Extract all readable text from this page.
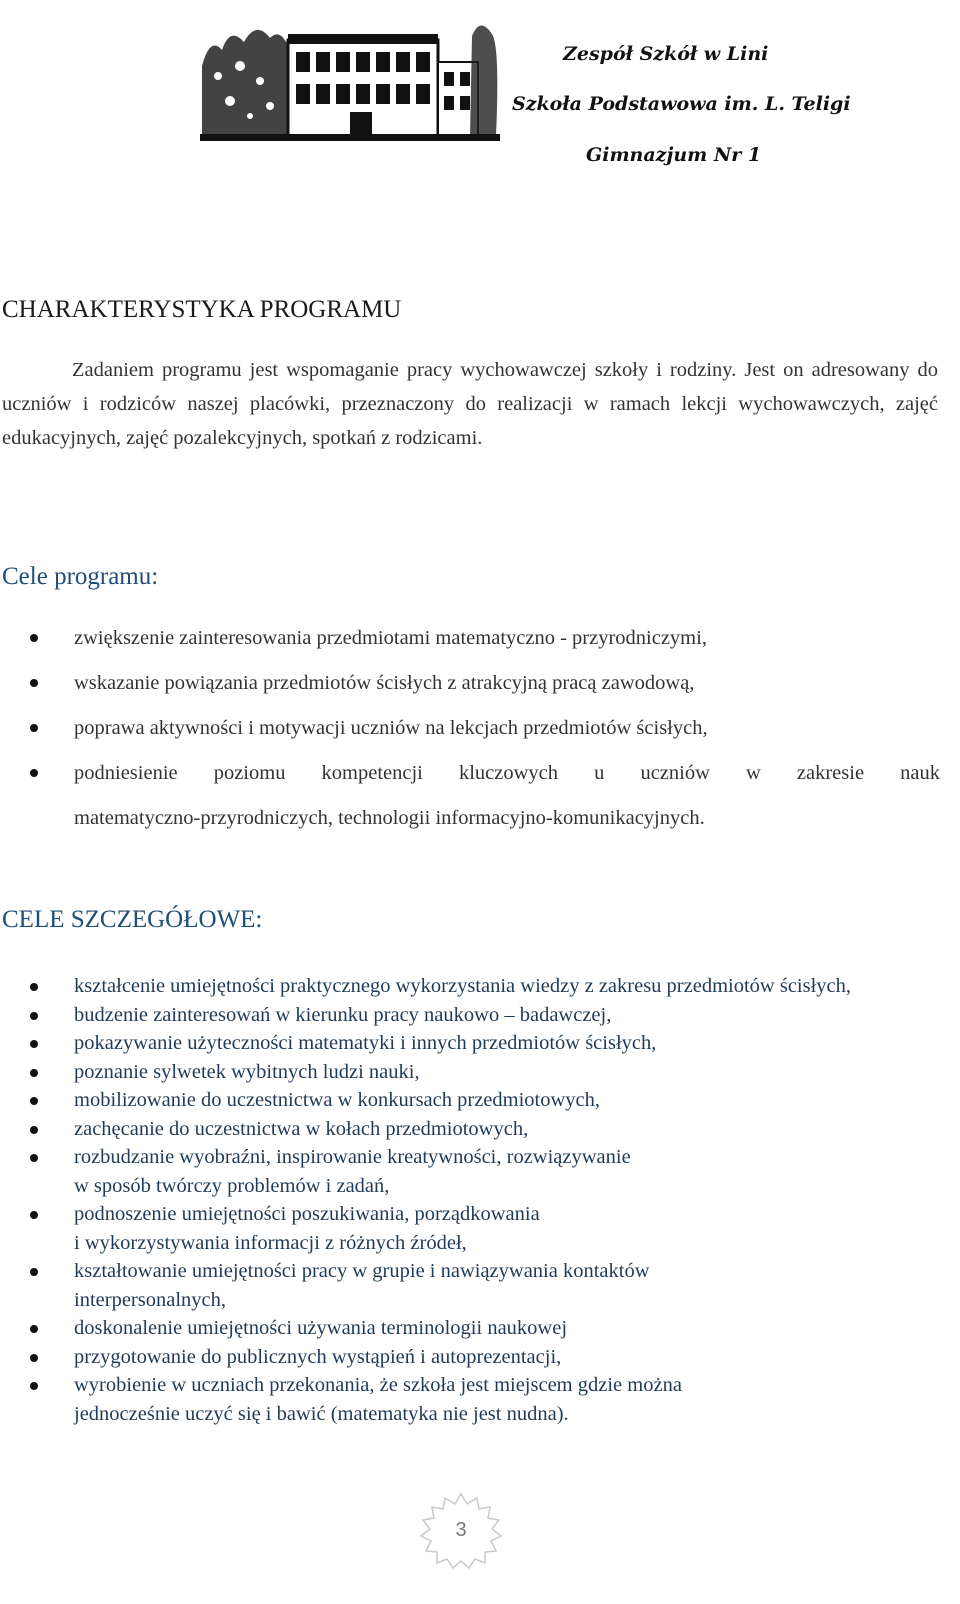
Zespół Szkół w Lini
Szkoła Podstawowa im. L. Teligi
Gimnazjum Nr 1
CHARAKTERYSTYKA PROGRAMU
Zadaniem programu jest wspomaganie pracy wychowawczej szkoły i rodziny. Jest on adresowany do uczniów i rodziców naszej placówki, przeznaczony do realizacji w ramach lekcji wychowawczych, zajęć edukacyjnych, zajęć pozalekcyjnych, spotkań z rodzicami.
Cele programu:
zwiększenie zainteresowania przedmiotami matematyczno - przyrodniczymi,
wskazanie powiązania przedmiotów ścisłych z atrakcyjną pracą zawodową,
poprawa aktywności i motywacji uczniów na lekcjach przedmiotów ścisłych,
podniesienie poziomu kompetencji kluczowych u uczniów w zakresie nauk
matematyczno-przyrodniczych, technologii informacyjno-komunikacyjnych.
CELE SZCZEGÓŁOWE:
kształcenie umiejętności praktycznego wykorzystania wiedzy z zakresu przedmiotów ścisłych,
budzenie zainteresowań w kierunku pracy naukowo – badawczej,
pokazywanie użyteczności matematyki i innych przedmiotów ścisłych,
poznanie sylwetek wybitnych ludzi nauki,
mobilizowanie do uczestnictwa w konkursach przedmiotowych,
zachęcanie do uczestnictwa w kołach przedmiotowych,
rozbudzanie wyobraźni, inspirowanie kreatywności, rozwiązywanie
w sposób twórczy problemów i zadań,
podnoszenie umiejętności poszukiwania, porządkowania
i wykorzystywania informacji z różnych źródeł,
kształtowanie umiejętności pracy w grupie i nawiązywania kontaktów interpersonalnych,
doskonalenie umiejętności używania terminologii naukowej
przygotowanie do publicznych wystąpień i autoprezentacji,
wyrobienie w uczniach przekonania, że szkoła jest miejscem gdzie można
jednocześnie uczyć się i bawić (matematyka nie jest nudna).
3
